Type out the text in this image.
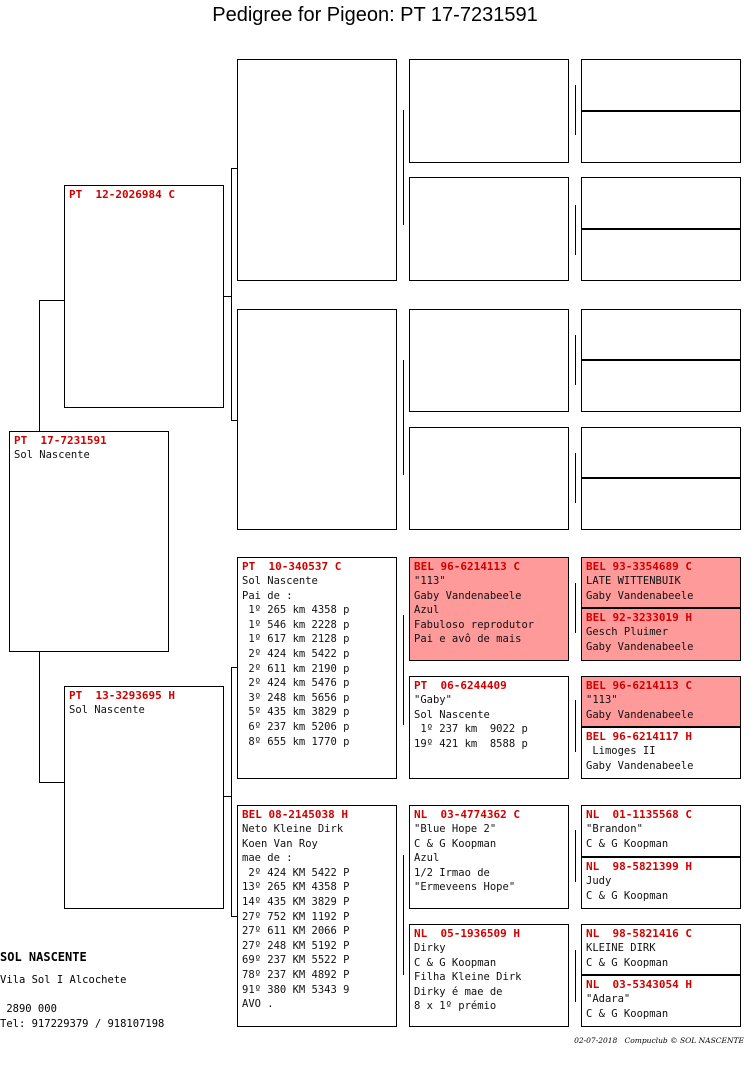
Pedigree for Pigeon: PT 17-7231591
PT  17-7231591
Sol Nascente
PT  12-2026984 C
PT  13-3293695 H
Sol Nascente
PT  10-340537 C
Sol Nascente
Pai de :
1º 265 km 4358 p
1º 546 km 2228 p
1º 617 km 2128 p
2º 424 km 5422 p
2º 611 km 2190 p
2º 424 km 5476 p
3º 248 km 5656 p
5º 435 km 3829 p
6º 237 km 5206 p
8º 655 km 1770 p
BEL 08-2145038 H
Neto Kleine Dirk
Koen Van Roy
mae de :
2º 424 KM 5422 P
13º 265 KM 4358 P
14º 435 KM 3829 P
27º 752 KM 1192 P
27º 611 KM 2066 P
27º 248 KM 5192 P
69º 237 KM 5522 P
78º 237 KM 4892 P
91º 380 KM 5343 9
AVO .
BEL 96-6214113 C
"113"
Gaby Vandenabeele
Azul
Fabuloso reprodutor
Pai e avô de mais
PT  06-6244409
"Gaby"
Sol Nascente
1º 237 km  9022 p
19º 421 km  8588 p
NL  03-4774362 C
"Blue Hope 2"
C & G Koopman
Azul
1/2 Irmao de
"Ermeveens Hope"
NL  05-1936509 H
Dirky
C & G Koopman
Filha Kleine Dirk
Dirky é mae de
8 x 1º prémio
BEL 93-3354689 C
LATE WITTENBUIK
Gaby Vandenabeele
BEL 92-3233019 H
Gesch Pluimer
Gaby Vandenabeele
BEL 96-6214113 C
"113"
Gaby Vandenabeele
BEL 96-6214117 H
Limoges II
Gaby Vandenabeele
NL  01-1135568 C
"Brandon"
C & G Koopman
NL  98-5821399 H
Judy
C & G Koopman
NL  98-5821416 C
KLEINE DIRK
C & G Koopman
NL  03-5343054 H
"Adara"
C & G Koopman
SOL NASCENTE
Vila Sol I Alcochete
2890 000
Tel: 917229379 / 918107198
02-07-2018   Compuclub © SOL NASCENTE
